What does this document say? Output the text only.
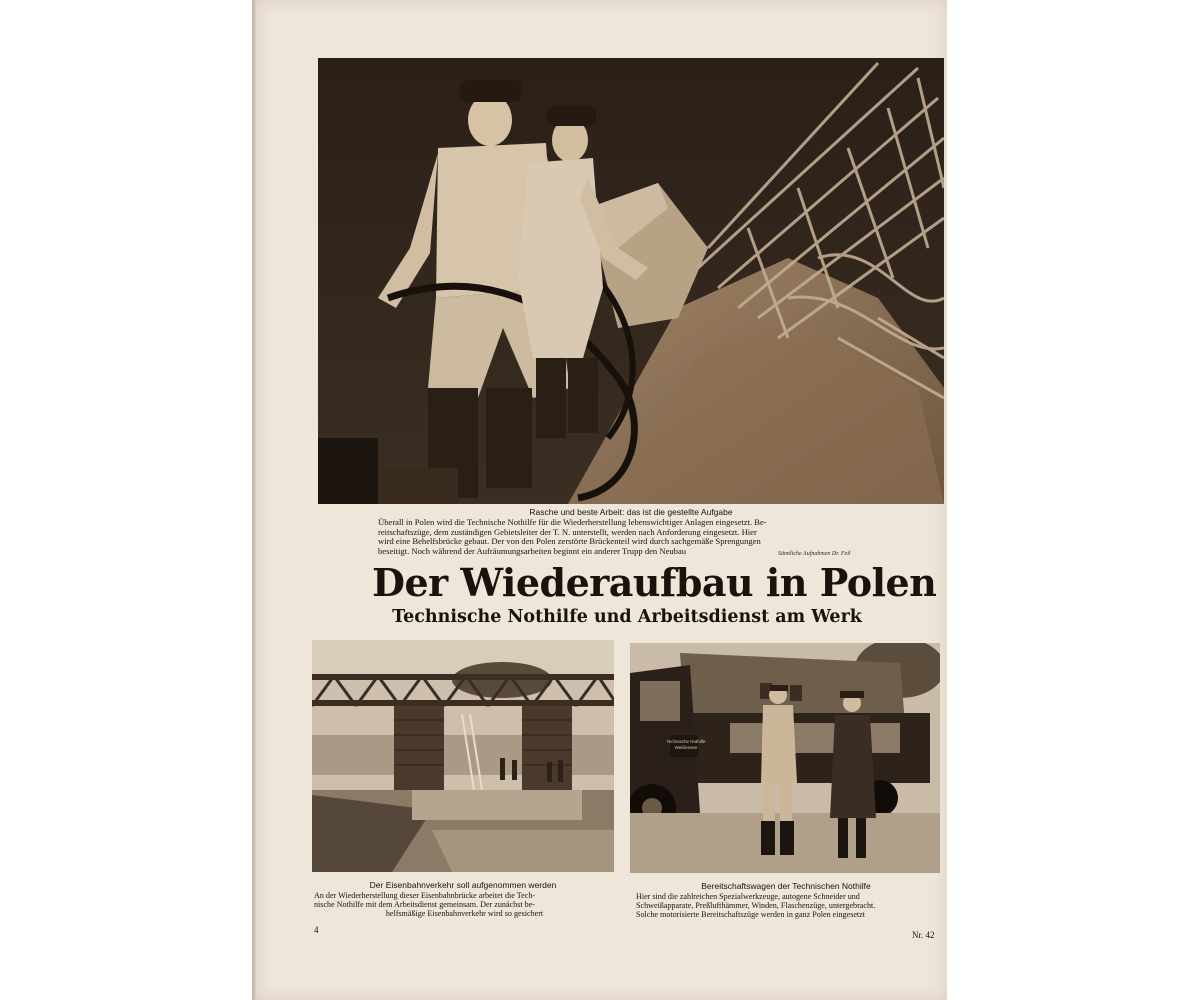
Rasche und beste Arbeit: das ist die gestellte Aufgabe
Überall in Polen wird die Technische Nothilfe für die Wiederherstellung lebenswichtiger Anlagen eingesetzt. Be-
reitschaftszüge, dem zuständigen Gebietsleiter der T. N. unterstellt, werden nach Anforderung eingesetzt. Hier
wird eine Behelfsbrücke gebaut. Der von den Polen zerstörte Brückenteil wird durch sachgemäße Sprengungen
beseitigt. Noch während der Aufräumungsarbeiten beginnt ein anderer Trupp den Neubau	Sämtliche Aufnahmen Dr. Feil
Der Wiederaufbau in Polen
Technische Nothilfe und Arbeitsdienst am Werk
Technische Nothilfe
Weißensee
Der Eisenbahnverkehr soll aufgenommen werden
An der Wiederherstellung dieser Eisenbahnbrücke arbeitet die Tech-
nische Nothilfe mit dem Arbeitsdienst gemeinsam. Der zunächst be-
helfsmäßige Eisenbahnverkehr wird so gesichert
Bereitschaftswagen der Technischen Nothilfe
Hier sind die zahlreichen Spezialwerkzeuge, autogene Schneider und
Schweißapparate, Preßlufthämmer, Winden, Flaschenzüge, untergebracht.
Solche motorisierte Bereitschaftszüge werden in ganz Polen eingesetzt
4	Nr. 42
